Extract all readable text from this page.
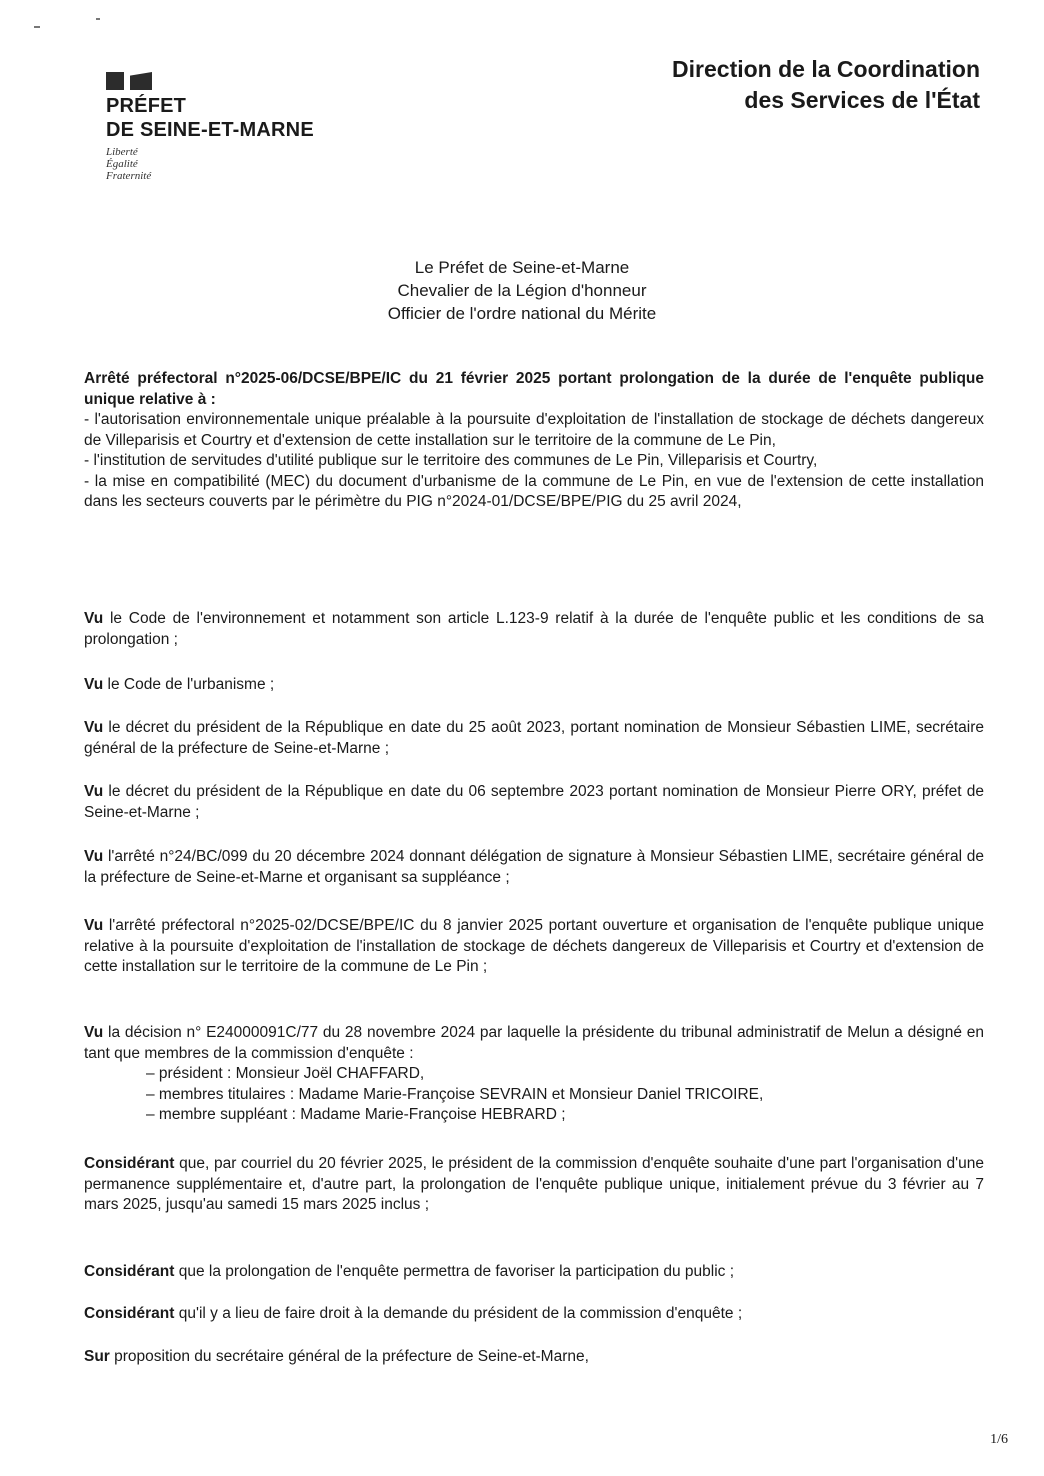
PRÉFET
DE SEINE-ET-MARNE
Liberté
Égalité
Fraternité
Direction de la Coordination
des Services de l'État
Le Préfet de Seine-et-Marne
Chevalier de la Légion d'honneur
Officier de l'ordre national du Mérite

Arrêté préfectoral n°2025-06/DCSE/BPE/IC du 21 février 2025 portant prolongation de la durée de l'enquête publique unique relative à :

- l'autorisation environnementale unique préalable à la poursuite d'exploitation de l'installation de stockage de déchets dangereux de Villeparisis et Courtry et d'extension de cette installation sur le territoire de la commune de Le Pin,

- l'institution de servitudes d'utilité publique sur le territoire des communes de Le Pin, Villeparisis et Courtry,

- la mise en compatibilité (MEC) du document d'urbanisme de la commune de Le Pin, en vue de l'extension de cette installation dans les secteurs couverts par le périmètre du PIG n°2024-01/DCSE/BPE/PIG du 25 avril 2024,

Vu le Code de l'environnement et notamment son article L.123-9 relatif à la durée de l'enquête public et les conditions de sa prolongation ;

Vu le Code de l'urbanisme ;

Vu le décret du président de la République en date du 25 août 2023, portant nomination de Monsieur Sébastien LIME, secrétaire général de la préfecture de Seine-et-Marne ;

Vu le décret du président de la République en date du 06 septembre 2023 portant nomination de Monsieur Pierre ORY, préfet de Seine-et-Marne ;

Vu l'arrêté n°24/BC/099 du 20 décembre 2024 donnant délégation de signature à Monsieur Sébastien LIME, secrétaire général de la préfecture de Seine-et-Marne et organisant sa suppléance ;

Vu l'arrêté préfectoral n°2025-02/DCSE/BPE/IC du 8 janvier 2025 portant ouverture et organisation de l'enquête publique unique relative à la poursuite d'exploitation de l'installation de stockage de déchets dangereux de Villeparisis et Courtry et d'extension de cette installation sur le territoire de la commune de Le Pin ;

Vu la décision n° E24000091C/77 du 28 novembre 2024 par laquelle la présidente du tribunal administratif de Melun a désigné en tant que membres de la commission d'enquête :

– président : Monsieur Joël CHAFFARD,

– membres titulaires : Madame Marie-Françoise SEVRAIN et Monsieur Daniel TRICOIRE,

– membre suppléant : Madame Marie-Françoise HEBRARD ;

Considérant que, par courriel du 20 février 2025, le président de la commission d'enquête souhaite d'une part l'organisation d'une permanence supplémentaire et, d'autre part, la prolongation de l'enquête publique unique, initialement prévue du 3 février au 7 mars 2025, jusqu'au samedi 15 mars 2025 inclus ;

Considérant que la prolongation de l'enquête permettra de favoriser la participation du public ;

Considérant qu'il y a lieu de faire droit à la demande du président de la commission d'enquête ;

Sur proposition du secrétaire général de la préfecture de Seine-et-Marne,

1/6
